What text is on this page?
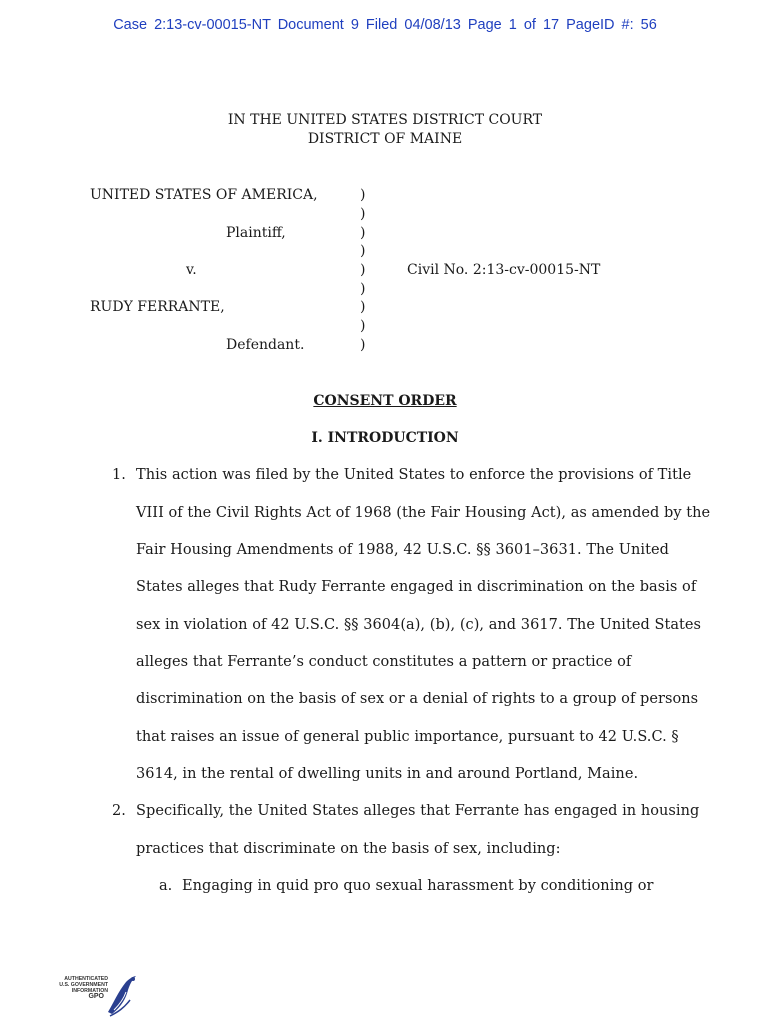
Case 2:13-cv-00015-NT Document 9 Filed 04/08/13 Page 1 of 17 PageID #: 56
IN THE UNITED STATES DISTRICT COURT
DISTRICT OF MAINE
UNITED STATES OF AMERICA,
Plaintiff,
v.
RUDY FERRANTE,
Defendant.
Civil No. 2:13-cv-00015-NT
)
)
)
)
)
)
)
)
)
CONSENT ORDER
I. INTRODUCTION
1. This action was filed by the United States to enforce the provisions of Title
VIII of the Civil Rights Act of 1968 (the Fair Housing Act), as amended by the
Fair Housing Amendments of 1988, 42 U.S.C. §§ 3601–3631. The United
States alleges that Rudy Ferrante engaged in discrimination on the basis of
sex in violation of 42 U.S.C. §§ 3604(a), (b), (c), and 3617. The United States
alleges that Ferrante’s conduct constitutes a pattern or practice of
discrimination on the basis of sex or a denial of rights to a group of persons
that raises an issue of general public importance, pursuant to 42 U.S.C. §
3614, in the rental of dwelling units in and around Portland, Maine.
2. Specifically, the United States alleges that Ferrante has engaged in housing
practices that discriminate on the basis of sex, including:
a. Engaging in quid pro quo sexual harassment by conditioning or
AUTHENTICATED
U.S. GOVERNMENT
INFORMATION
GPO
